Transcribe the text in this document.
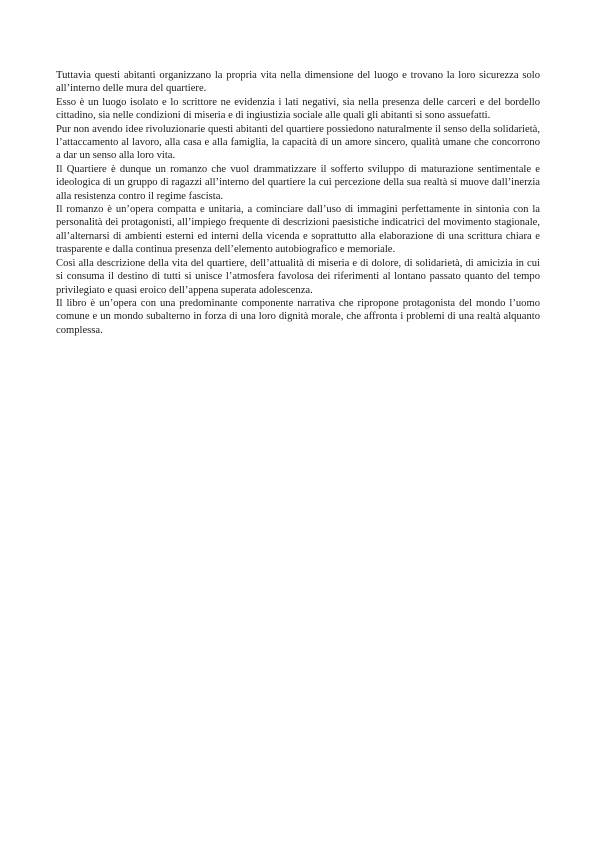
Tuttavia questi abitanti organizzano la propria vita nella dimensione del luogo e trovano la loro sicurezza solo all’interno delle mura del quartiere.

Esso è un luogo isolato e lo scrittore ne evidenzia i lati negativi, sia nella presenza delle carceri e del bordello cittadino, sia nelle condizioni di miseria e di ingiustizia sociale alle quali gli abitanti si sono assuefatti.

Pur non avendo idee rivoluzionarie questi abitanti del quartiere possiedono naturalmente il senso della solidarietà, l’attaccamento al lavoro, alla casa e alla famiglia, la capacità di un amore sincero, qualità umane che concorrono a dar un senso alla loro vita.

Il Quartiere è dunque un romanzo che vuol drammatizzare il sofferto sviluppo di maturazione sentimentale e ideologica di un gruppo di ragazzi all’interno del quartiere la cui percezione della sua realtà si muove dall’inerzia alla resistenza contro il regime fascista.

Il romanzo è un’opera compatta e unitaria, a cominciare dall’uso di immagini perfettamente in sintonia con la personalità dei protagonisti, all’impiego frequente di descrizioni paesistiche indicatrici del movimento stagionale, all’alternarsi di ambienti esterni ed interni della vicenda e soprattutto alla elaborazione di una scrittura chiara e trasparente e dalla continua presenza dell’elemento autobiografico e memoriale.

Così alla descrizione della vita del quartiere, dell’attualità di miseria e di dolore, di solidarietà, di amicizia in cui si consuma il destino di tutti si unisce l’atmosfera favolosa dei riferimenti al lontano passato quanto del tempo privilegiato e quasi eroico dell’appena superata adolescenza.

Il libro è un’opera con una predominante componente narrativa che ripropone protagonista del mondo l’uomo comune e un mondo subalterno in forza di una loro dignità morale, che affronta i problemi di una realtà alquanto complessa.
